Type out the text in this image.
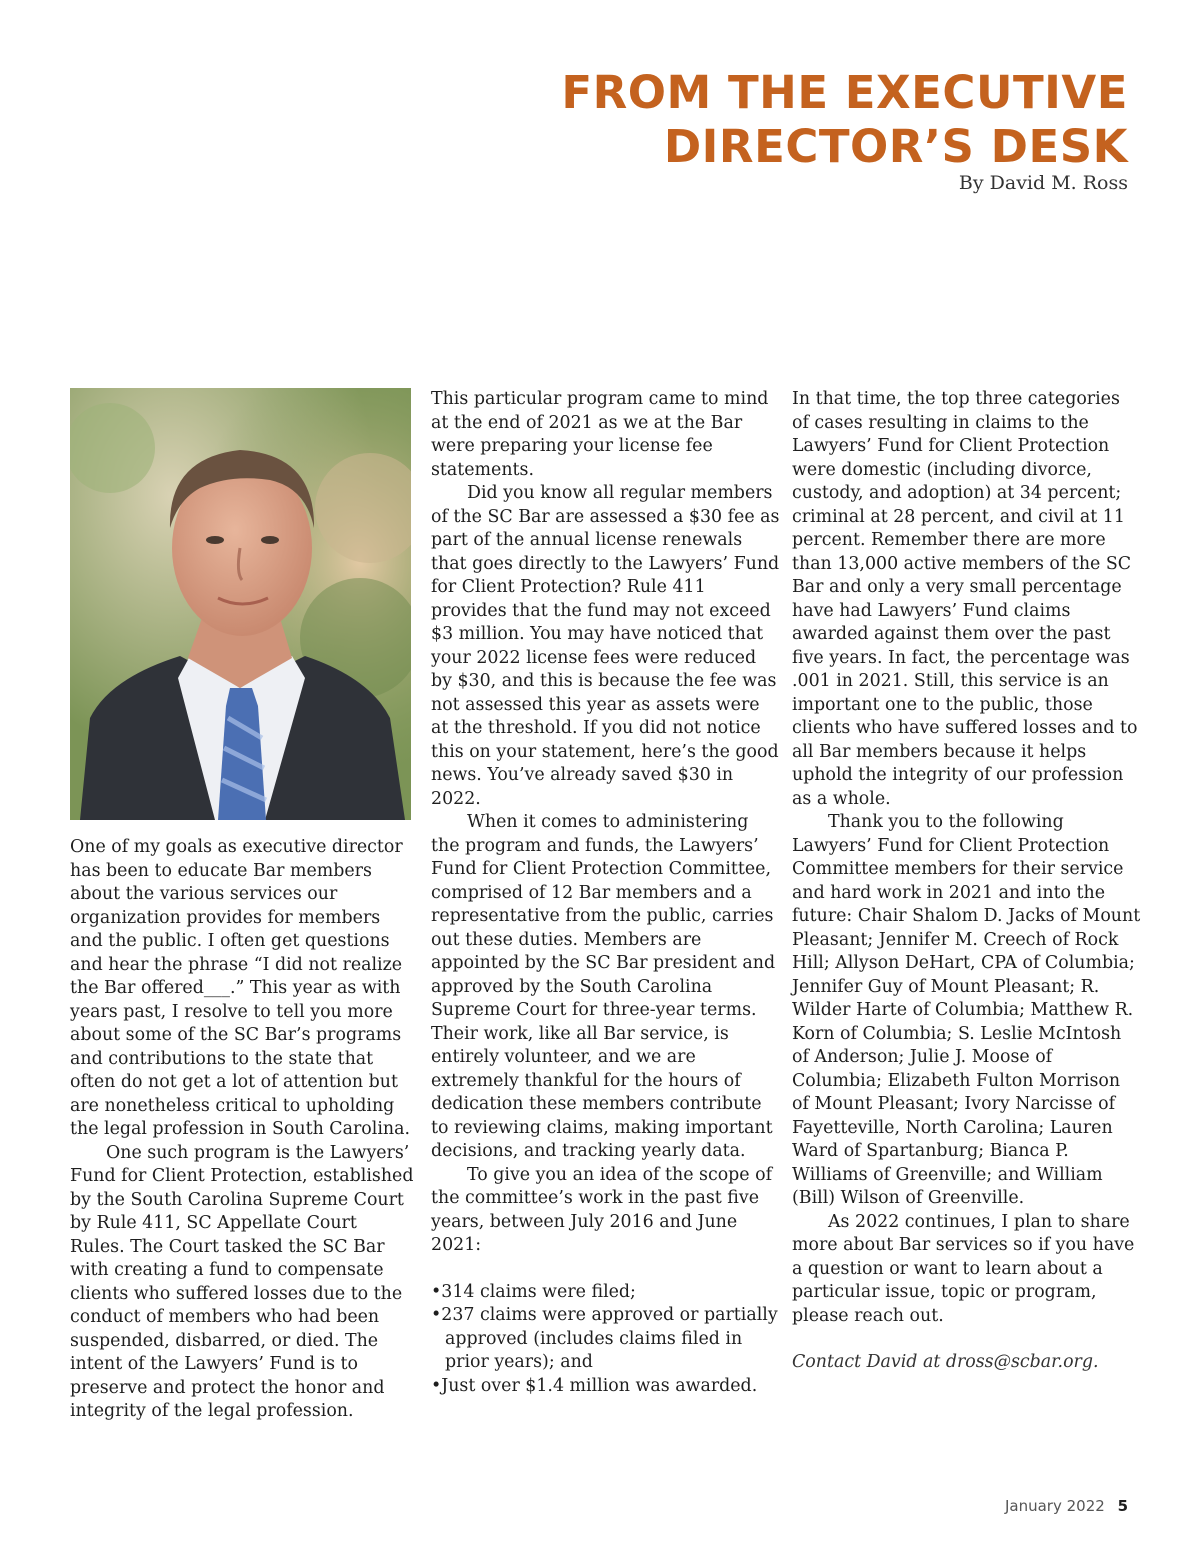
FROM THE EXECUTIVE
DIRECTOR’S DESK
By David M. Ross

One of my goals as executive director has been to educate Bar members about the various services our organization provides for members and the public. I often get questions and hear the phrase “I did not realize the Bar offered___.” This year as with years past, I resolve to tell you more about some of the SC Bar’s programs and contributions to the state that often do not get a lot of attention but are nonetheless critical to upholding the legal profession in South Carolina.

One such program is the Lawyers’ Fund for Client Protection, established by the South Carolina Supreme Court by Rule 411, SC Appellate Court Rules. The Court tasked the SC Bar with creating a fund to compensate clients who suffered losses due to the conduct of members who had been suspended, disbarred, or died. The intent of the Lawyers’ Fund is to preserve and protect the honor and integrity of the legal profession.

This particular program came to mind at the end of 2021 as we at the Bar were preparing your license fee statements.

Did you know all regular members of the SC Bar are assessed a $30 fee as part of the annual license renewals that goes directly to the Lawyers’ Fund for Client Protection? Rule 411 provides that the fund may not exceed $3 million. You may have noticed that your 2022 license fees were reduced by $30, and this is because the fee was not assessed this year as assets were at the threshold. If you did not notice this on your statement, here’s the good news. You’ve already saved $30 in 2022.

When it comes to administering the program and funds, the Lawyers’ Fund for Client Protection Committee, comprised of 12 Bar members and a representative from the public, carries out these duties. Members are appointed by the SC Bar president and approved by the South Carolina Supreme Court for three-year terms. Their work, like all Bar service, is entirely volunteer, and we are extremely thankful for the hours of dedication these members contribute to reviewing claims, making important decisions, and tracking yearly data.

To give you an idea of the scope of the committee’s work in the past five years, between July 2016 and June 2021:

• 314 claims were filed;
• 237 claims were approved or partially approved (includes claims filed in prior years); and
• Just over $1.4 million was awarded.

In that time, the top three categories of cases resulting in claims to the Lawyers’ Fund for Client Protection were domestic (including divorce, custody, and adoption) at 34 percent; criminal at 28 percent, and civil at 11 percent. Remember there are more than 13,000 active members of the SC Bar and only a very small percentage have had Lawyers’ Fund claims awarded against them over the past five years. In fact, the percentage was .001 in 2021. Still, this service is an important one to the public, those clients who have suffered losses and to all Bar members because it helps uphold the integrity of our profession as a whole.

Thank you to the following Lawyers’ Fund for Client Protection Committee members for their service and hard work in 2021 and into the future: Chair Shalom D. Jacks of Mount Pleasant; Jennifer M. Creech of Rock Hill; Allyson DeHart, CPA of Columbia; Jennifer Guy of Mount Pleasant; R. Wilder Harte of Columbia; Matthew R. Korn of Columbia; S. Leslie McIntosh of Anderson; Julie J. Moose of Columbia; Elizabeth Fulton Morrison of Mount Pleasant; Ivory Narcisse of Fayetteville, North Carolina; Lauren Ward of Spartanburg; Bianca P. Williams of Greenville; and William (Bill) Wilson of Greenville.

As 2022 continues, I plan to share more about Bar services so if you have a question or want to learn about a particular issue, topic or program, please reach out.

Contact David at dross@scbar.org.

January 2022 5
